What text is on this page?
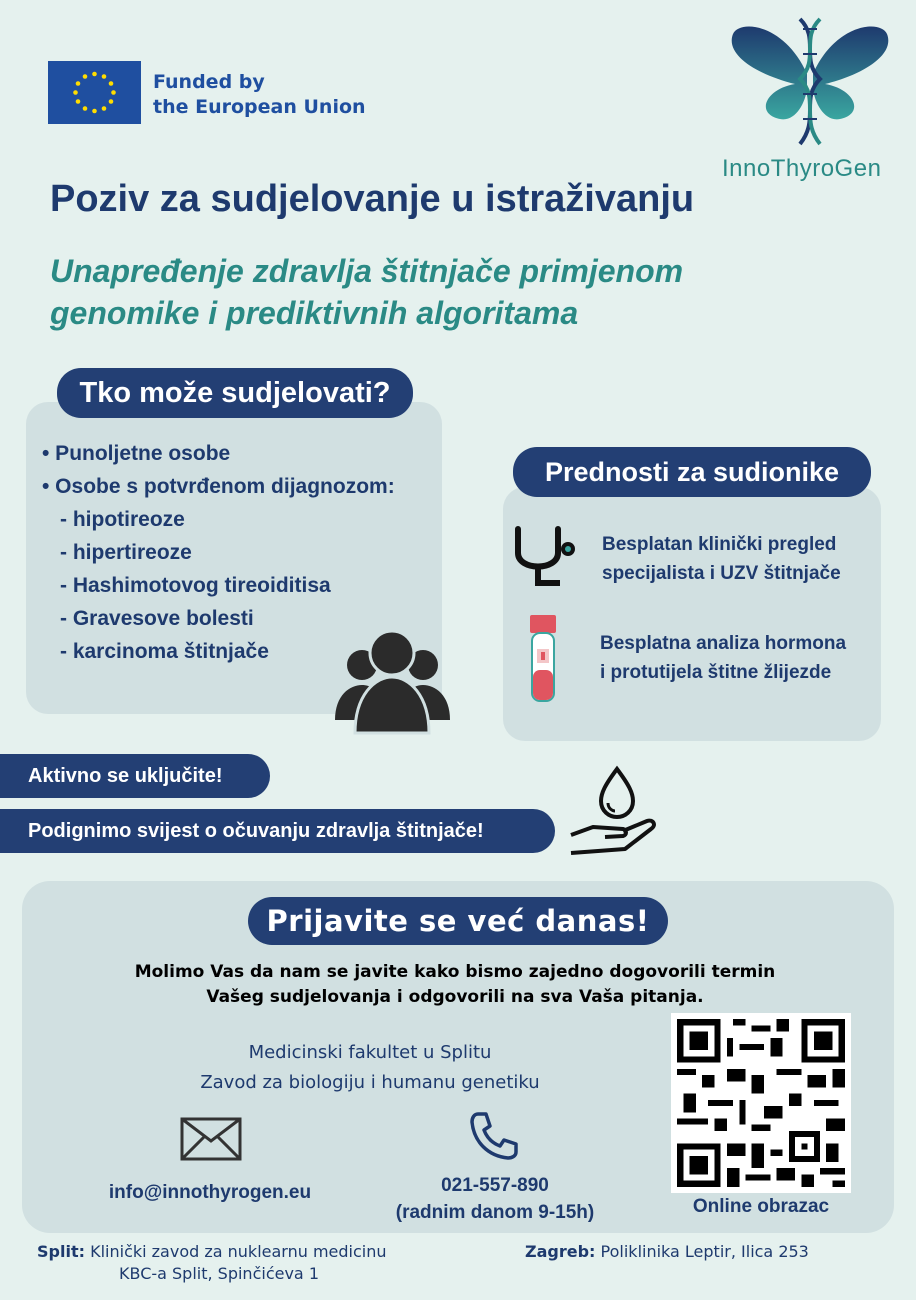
Funded by
the European Union
InnoThyroGen
Poziv za sudjelovanje u istraživanju
Unapređenje zdravlja štitnjače primjenom
genomike i prediktivnih algoritama
Tko može sudjelovati?
• Punoljetne osobe
• Osobe s potvrđenom dijagnozom:
- hipotireoze
- hipertireoze
- Hashimotovog tireoiditisa
- Gravesove bolesti
- karcinoma štitnjače
Prednosti za sudionike
Besplatan klinički pregled
specijalista i UZV štitnjače
Besplatna analiza hormona
i protutijela štitne žlijezde
Aktivno se uključite!
Podignimo svijest o očuvanju zdravlja štitnjače!
Prijavite se već danas!
Molimo Vas da nam se javite kako bismo zajedno dogovorili termin
Vašeg sudjelovanja i odgovorili na sva Vaša pitanja.
Medicinski fakultet u Splitu
Zavod za biologiju i humanu genetiku
info@innothyrogen.eu	021-557-890
(radnim danom 9-15h)	Online obrazac
Split: Klinički zavod za nuklearnu medicinu
KBC-a Split, Spinčićeva 1
Zagreb: Poliklinika Leptir, Ilica 253
